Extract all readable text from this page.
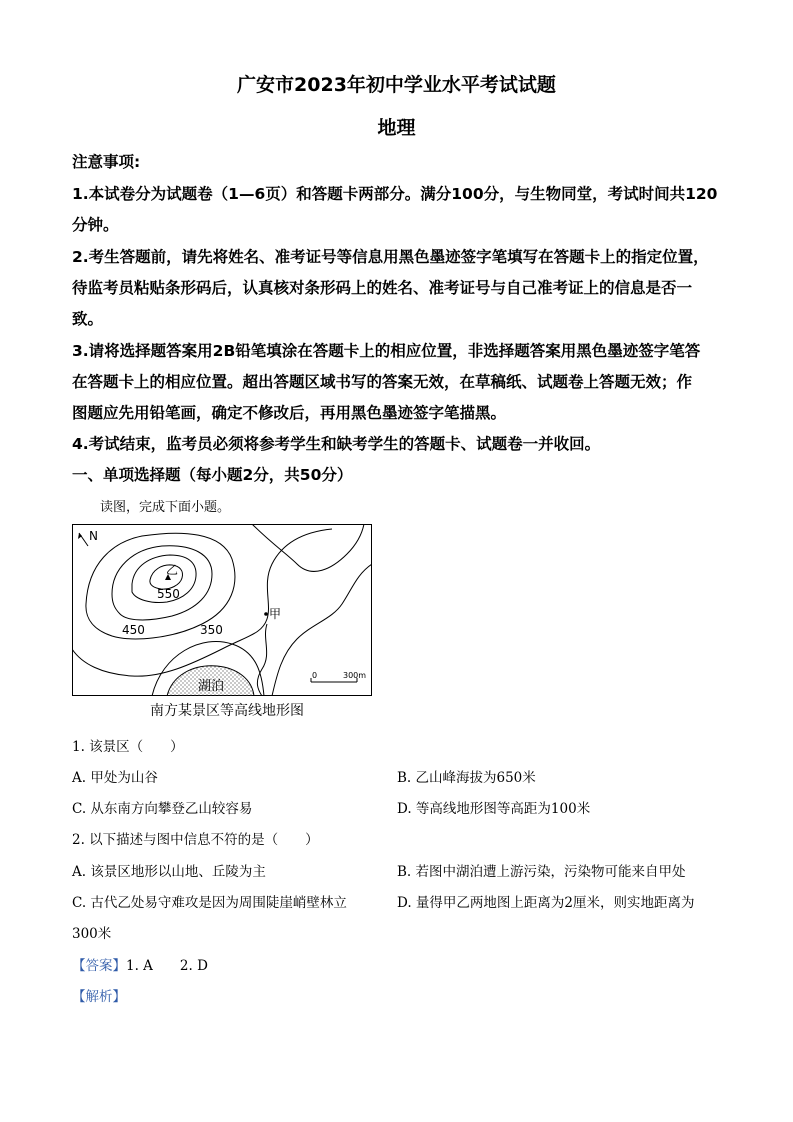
广安市2023年初中学业水平考试试题
地理
注意事项:
1.本试卷分为试题卷（1—6页）和答题卡两部分。满分100分，与生物同堂，考试时间共120
分钟。
2.考生答题前，请先将姓名、准考证号等信息用黑色墨迹签字笔填写在答题卡上的指定位置，
待监考员粘贴条形码后，认真核对条形码上的姓名、准考证号与自己准考证上的信息是否一
致。
3.请将选择题答案用2B铅笔填涂在答题卡上的相应位置，非选择题答案用黑色墨迹签字笔答
在答题卡上的相应位置。超出答题区域书写的答案无效，在草稿纸、试题卷上答题无效；作
图题应先用铅笔画，确定不修改后，再用黑色墨迹签字笔描黑。
4.考试结束，监考员必须将参考学生和缺考学生的答题卡、试题卷一并收回。
一、单项选择题（每小题2分，共50分）
读图，完成下面小题。
N
乙
550
450	350
甲
湖泊
0	300m
南方某景区等高线地形图
1. 该景区（　　）
A. 甲处为山谷	B. 乙山峰海拔为650米
C. 从东南方向攀登乙山较容易	D. 等高线地形图等高距为100米
2. 以下描述与图中信息不符的是（　　）
A. 该景区地形以山地、丘陵为主	B. 若图中湖泊遭上游污染，污染物可能来自甲处
C. 古代乙处易守难攻是因为周围陡崖峭壁林立	D. 量得甲乙两地图上距离为2厘米，则实地距离为
300米
【答案】1. A　　2. D
【解析】
